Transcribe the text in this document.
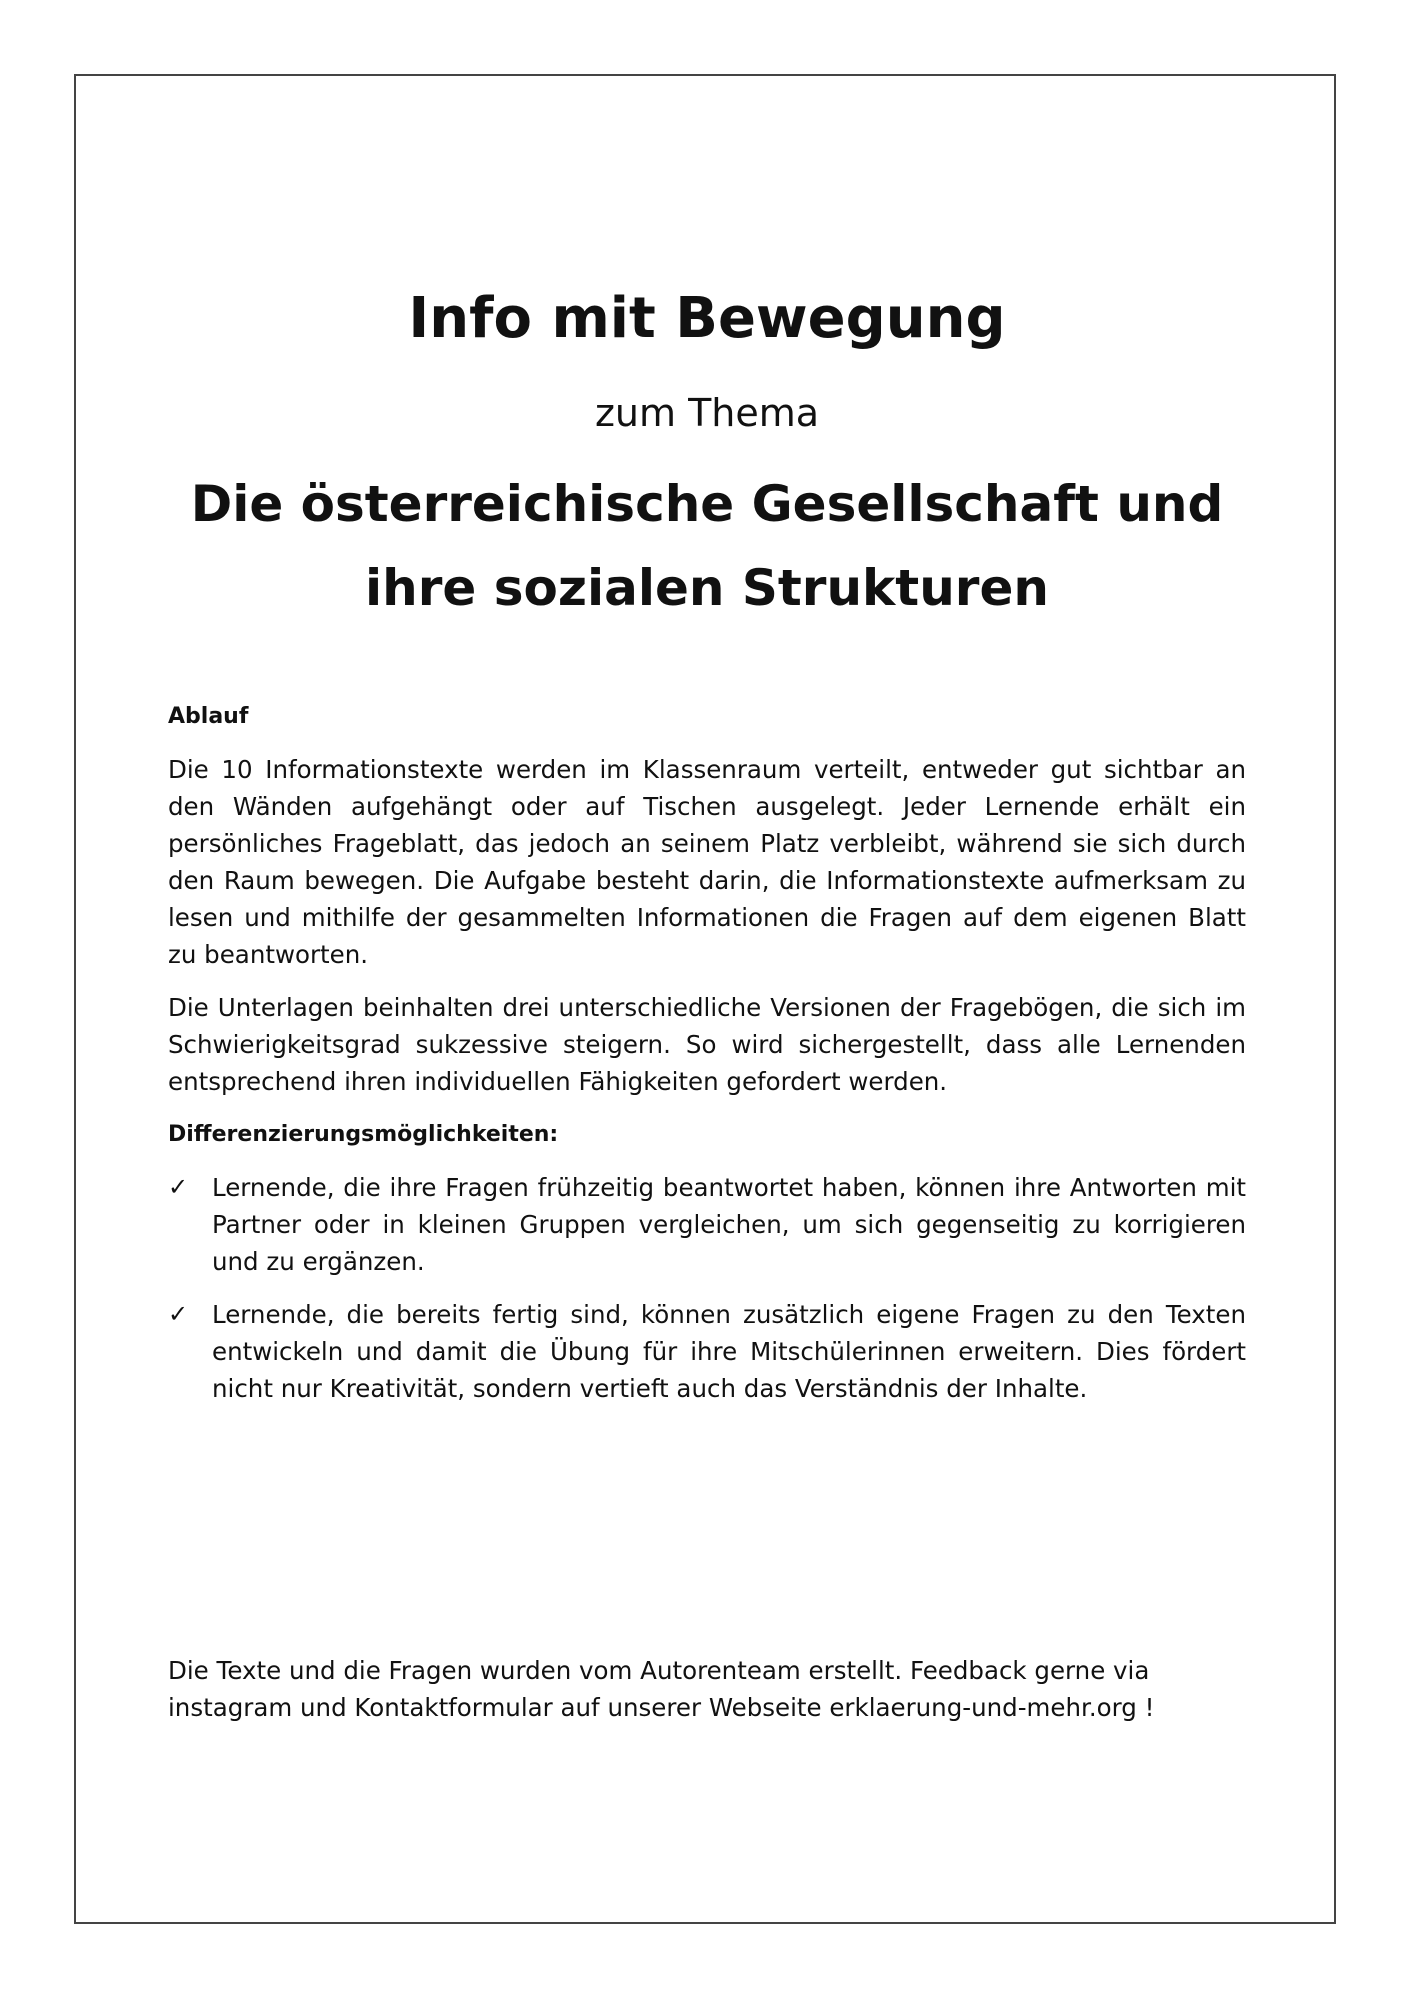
Info mit Bewegung

zum Thema

Die österreichische Gesellschaft und ihre sozialen Strukturen
Ablauf

Die 10 Informationstexte werden im Klassenraum verteilt, entweder gut sichtbar an den Wänden aufgehängt oder auf Tischen ausgelegt. Jeder Lernende erhält ein persönliches Frageblatt, das jedoch an seinem Platz verbleibt, während sie sich durch den Raum bewegen. Die Aufgabe besteht darin, die Informationstexte aufmerksam zu lesen und mithilfe der gesammelten Informationen die Fragen auf dem eigenen Blatt zu beantworten.

Die Unterlagen beinhalten drei unterschiedliche Versionen der Fragebögen, die sich im Schwierigkeitsgrad sukzessive steigern. So wird sichergestellt, dass alle Lernenden entsprechend ihren individuellen Fähigkeiten gefordert werden.

Differenzierungsmöglichkeiten:
✓ Lernende, die ihre Fragen frühzeitig beantwortet haben, können ihre Antworten mit Partner oder in kleinen Gruppen vergleichen, um sich gegenseitig zu korrigieren und zu ergänzen.
✓ Lernende, die bereits fertig sind, können zusätzlich eigene Fragen zu den Texten entwickeln und damit die Übung für ihre Mitschülerinnen erweitern. Dies fördert nicht nur Kreativität, sondern vertieft auch das Verständnis der Inhalte.

Die Texte und die Fragen wurden vom Autorenteam erstellt. Feedback gerne via instagram und Kontaktformular auf unserer Webseite erklaerung-und-mehr.org !
